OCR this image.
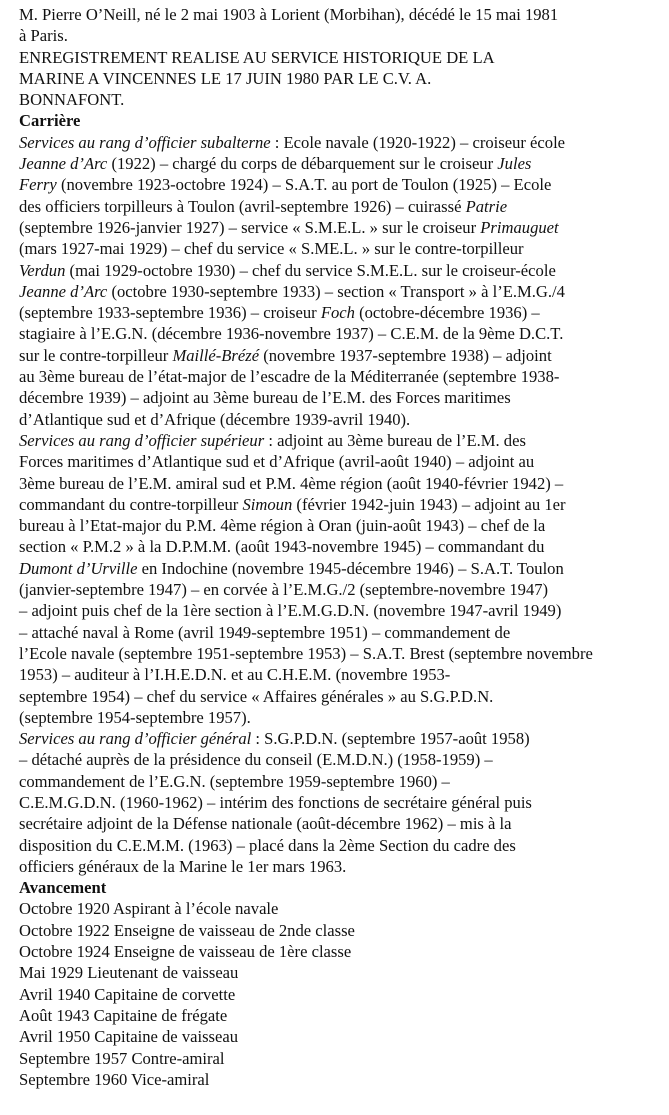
M. Pierre O’Neill, né le 2 mai 1903 à Lorient (Morbihan), décédé le 15 mai 1981
à Paris.
ENREGISTREMENT REALISE AU SERVICE HISTORIQUE DE LA
MARINE A VINCENNES LE 17 JUIN 1980 PAR LE C.V. A.
BONNAFONT.
Carrière
Services au rang d’officier subalterne : Ecole navale (1920-1922) – croiseur école
Jeanne d’Arc (1922) – chargé du corps de débarquement sur le croiseur Jules
Ferry (novembre 1923-octobre 1924) – S.A.T. au port de Toulon (1925) – Ecole
des officiers torpilleurs à Toulon (avril-septembre 1926) – cuirassé Patrie
(septembre 1926-janvier 1927) – service « S.M.E.L. » sur le croiseur Primauguet
(mars 1927-mai 1929) – chef du service « S.ME.L. » sur le contre-torpilleur
Verdun (mai 1929-octobre 1930) – chef du service S.M.E.L. sur le croiseur-école
Jeanne d’Arc (octobre 1930-septembre 1933) – section « Transport » à l’E.M.G./4
(septembre 1933-septembre 1936) – croiseur Foch (octobre-décembre 1936) –
stagiaire à l’E.G.N. (décembre 1936-novembre 1937) – C.E.M. de la 9ème D.C.T.
sur le contre-torpilleur Maillé-Brézé (novembre 1937-septembre 1938) – adjoint
au 3ème bureau de l’état-major de l’escadre de la Méditerranée (septembre 1938-
décembre 1939) – adjoint au 3ème bureau de l’E.M. des Forces maritimes
d’Atlantique sud et d’Afrique (décembre 1939-avril 1940).
Services au rang d’officier supérieur : adjoint au 3ème bureau de l’E.M. des
Forces maritimes d’Atlantique sud et d’Afrique (avril-août 1940) – adjoint au
3ème bureau de l’E.M. amiral sud et P.M. 4ème région (août 1940-février 1942) –
commandant du contre-torpilleur Simoun (février 1942-juin 1943) – adjoint au 1er
bureau à l’Etat-major du P.M. 4ème région à Oran (juin-août 1943) – chef de la
section « P.M.2 » à la D.P.M.M. (août 1943-novembre 1945) – commandant du
Dumont d’Urville en Indochine (novembre 1945-décembre 1946) – S.A.T. Toulon
(janvier-septembre 1947) – en corvée à l’E.M.G./2 (septembre-novembre 1947)
– adjoint puis chef de la 1ère section à l’E.M.G.D.N. (novembre 1947-avril 1949)
– attaché naval à Rome (avril 1949-septembre 1951) – commandement de
l’Ecole navale (septembre 1951-septembre 1953) – S.A.T. Brest (septembre novembre
1953) – auditeur à l’I.H.E.D.N. et au C.H.E.M. (novembre 1953-
septembre 1954) – chef du service « Affaires générales » au S.G.P.D.N.
(septembre 1954-septembre 1957).
Services au rang d’officier général : S.G.P.D.N. (septembre 1957-août 1958)
– détaché auprès de la présidence du conseil (E.M.D.N.) (1958-1959) –
commandement de l’E.G.N. (septembre 1959-septembre 1960) –
C.E.M.G.D.N. (1960-1962) – intérim des fonctions de secrétaire général puis
secrétaire adjoint de la Défense nationale (août-décembre 1962) – mis à la
disposition du C.E.M.M. (1963) – placé dans la 2ème Section du cadre des
officiers généraux de la Marine le 1er mars 1963.
Avancement
Octobre 1920 Aspirant à l’école navale
Octobre 1922 Enseigne de vaisseau de 2nde classe
Octobre 1924 Enseigne de vaisseau de 1ère classe
Mai 1929 Lieutenant de vaisseau
Avril 1940 Capitaine de corvette
Août 1943 Capitaine de frégate
Avril 1950 Capitaine de vaisseau
Septembre 1957 Contre-amiral
Septembre 1960 Vice-amiral
